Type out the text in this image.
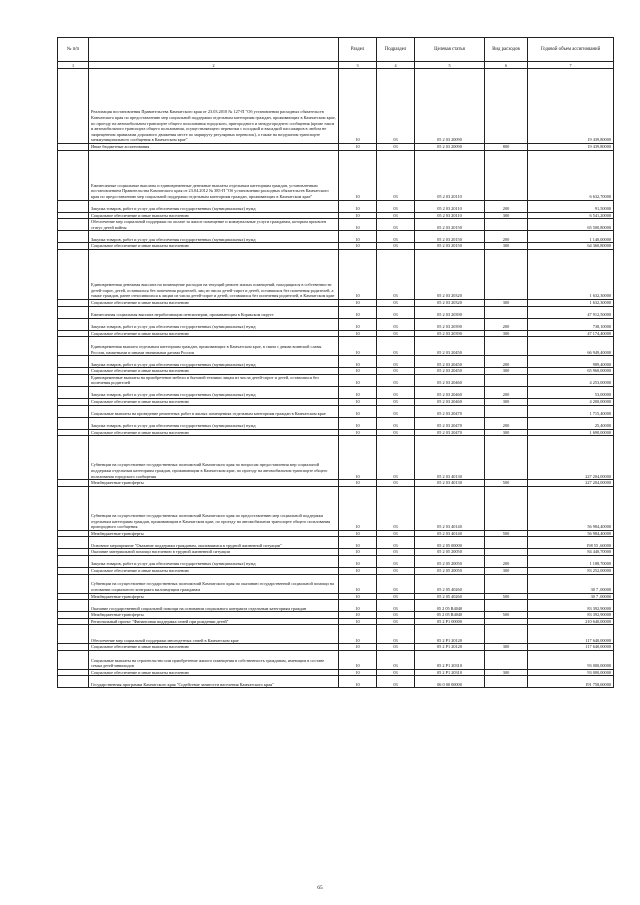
№ п/п		Раздел	Подраздел	Целевая статья	Вид расходов	Годовой объем ассигнований
1	2	3	4	5	6	7
	Реализация постановления Правительства Камчатского края от 23.03.2010 № 127-П "Об установлении расходных обязательств Камчатского края по предоставлению мер социальной поддержки отдельным категориям граждан, проживающих в Камчатском крае, по проезду на автомобильном транспорте общего пользования городского, пригородного и междугороднего сообщения (кроме такси и автомобильного транспорта общего пользования, осуществляющего перевозки с посадкой и высадкой пассажиров в любом не запрещенном правилами дорожного движения месте по маршруту регулярных перевозок), а также на воздушном транспорте межмуниципального сообщения в Камчатском крае"	10	03	05 2 03 20090		19 439,80000
	Иные бюджетные ассигнования	10	03	05 2 03 20090	800	19 439,80000
	Ежемесячные социальные выплаты и единовременные денежные выплаты отдельным категориям граждан, установленным постановлением Правительства Камчатского края от 23.04.2012 № 385-П "Об установлении расходных обязательств Камчатского края по предоставлению мер социальной поддержки отдельным категориям граждан, проживающих в Камчатском крае"	10	03	05 2 03 20110		6 632,70000
	Закупка товаров, работ и услуг для обеспечения государственных (муниципальных) нужд	10	03	05 2 03 20110	200	91,50000
	Социальное обеспечение и иные выплаты населению	10	03	05 2 03 20110	300	6 541,20000
	Обеспечение мер социальной поддержки по оплате за жилое помещение и коммунальные услуги гражданам, которым присвоен статус детей войны	10	03	05 2 03 20150		65 500,80000
	Закупка товаров, работ и услуг для обеспечения государственных (муниципальных) нужд	10	03	05 2 03 20150	200	1 140,00000
	Социальное обеспечение и иные выплаты населению	10	03	05 2 03 20150	300	64 360,80000
	Единовременная денежная выплата на возмещение расходов на текущий ремонт жилых помещений, находящихся в собственности детей-сирот, детей, оставшихся без попечения родителей, лиц из числа детей-сирот и детей, оставшихся без попечения родителей, а также граждан, ранее относившихся к лицам из числа детей-сирот и детей, оставшихся без попечения родителей, в Камчатском крае	10	03	05 2 03 20320		1 632,30000
	Социальное обеспечение и иные выплаты населению	10	03	05 2 03 20320	300	1 632,30000
	Ежемесячная социальная выплата неработающим пенсионерам, проживающим в Корякском округе	10	03	05 2 03 20390		47 912,50000
	Закупка товаров, работ и услуг для обеспечения государственных (муниципальных) нужд	10	03	05 2 03 20390	200	738,10000
	Социальное обеспечение и иные выплаты населению	10	03	05 2 03 20390	300	47 174,40000
	Единовременная выплата отдельным категориям граждан, проживающих в Камчатском крае, в связи с днями воинской славы России, памятными и иными значимыми датами России	10	03	05 2 03 20450		66 949,40000
	Закупка товаров, работ и услуг для обеспечения государственных (муниципальных) нужд	10	03	05 2 03 20450	200	989,40000
	Социальное обеспечение и иные выплаты населению	10	03	05 2 03 20450	300	65 960,00000
	Единовременные выплаты на приобретение мебели и бытовой техники лицам из числа детей-сирот и детей, оставшихся без попечения родителей	10	03	05 2 03 20460		4 253,00000
	Закупка товаров, работ и услуг для обеспечения государственных (муниципальных) нужд	10	03	05 2 03 20460	200	53,00000
	Социальное обеспечение и иные выплаты населению	10	03	05 2 03 20460	300	4 200,00000
	Социальные выплаты на проведение ремонтных работ в жилых помещениях отдельным категориям граждан в Камчатском крае	10	03	05 2 03 20470		1 715,40000
	Закупка товаров, работ и услуг для обеспечения государственных (муниципальных) нужд	10	03	05 2 03 20470	200	25,40000
	Социальное обеспечение и иные выплаты населению	10	03	05 2 03 20470	300	1 690,00000
	Субвенции на осуществление государственных полномочий Камчатского края по вопросам предоставления мер социальной поддержки отдельным категориям граждан, проживающим в Камчатском крае, по проезду на автомобильном транспорте общего пользования городского сообщения	10	03	05 2 03 40130		227 204,00000
	Межбюджетные трансферты	10	03	05 2 03 40130	500	227 204,00000
	Субвенции на осуществление государственных полномочий Камчатского края по предоставлению мер социальной поддержки отдельным категориям граждан, проживающим в Камчатском крае, по проезду на автомобильном транспорте общего пользования пригородного сообщения	10	03	05 2 03 40140		56 984,40000
	Межбюджетные трансферты	10	03	05 2 03 40140	500	56 984,40000
	Основное мероприятие "Оказание поддержки гражданам, оказавшимся в трудной жизненной ситуации"	10	03	05 2 05 00000		198 55 ,60000
	Оказание материальной помощи населению в трудной жизненной ситуации	10	03	05 2 05 20050		84 440,70000
	Закупка товаров, работ и услуг для обеспечения государственных (муниципальных) нужд	10	03	05 2 05 20050	200	1 188,70000
	Социальное обеспечение и иные выплаты населению	10	03	05 2 05 20050	300	83 252,00000
	Субвенции на осуществление государственных полномочий Камчатского края по оказанию государственной социальной помощи на основании социального контракта малоимущим гражданам	10	03	05 2 05 40260		30 7 ,00000
	Межбюджетные трансферты	10	03	05 2 05 40260	500	30 7 ,00000
	Оказание государственной социальной помощи на основании социального контракта отдельным категориям граждан	10	03	05 2 05 R4040		83 392,90000
	Межбюджетные трансферты	10	03	05 2 05 R4040	500	83 392,90000
	Региональный проект "Финансовая поддержка семей при рождении детей"	10	03	05 2 P1 00000		210 640,00000
	Обеспечение мер социальной поддержки многодетных семей в Камчатском крае	10	03	05 2 P1 20120		117 640,00000
	Социальное обеспечение и иные выплаты населению	10	03	05 2 P1 20120	300	117 640,00000
	Социальные выплаты на строительство или приобретение жилого помещения в собственность гражданам, имеющим в составе семьи детей-инвалидов	10	03	05 2 P1 20310		93 000,00000
	Социальное обеспечение и иные выплаты населению	10	03	05 2 P1 20310	300	93 000,00000
	Государственная программа Камчатского края "Содействие занятости населения Камчатского края"	10	03	06 0 00 00000		191 758,60000
65
